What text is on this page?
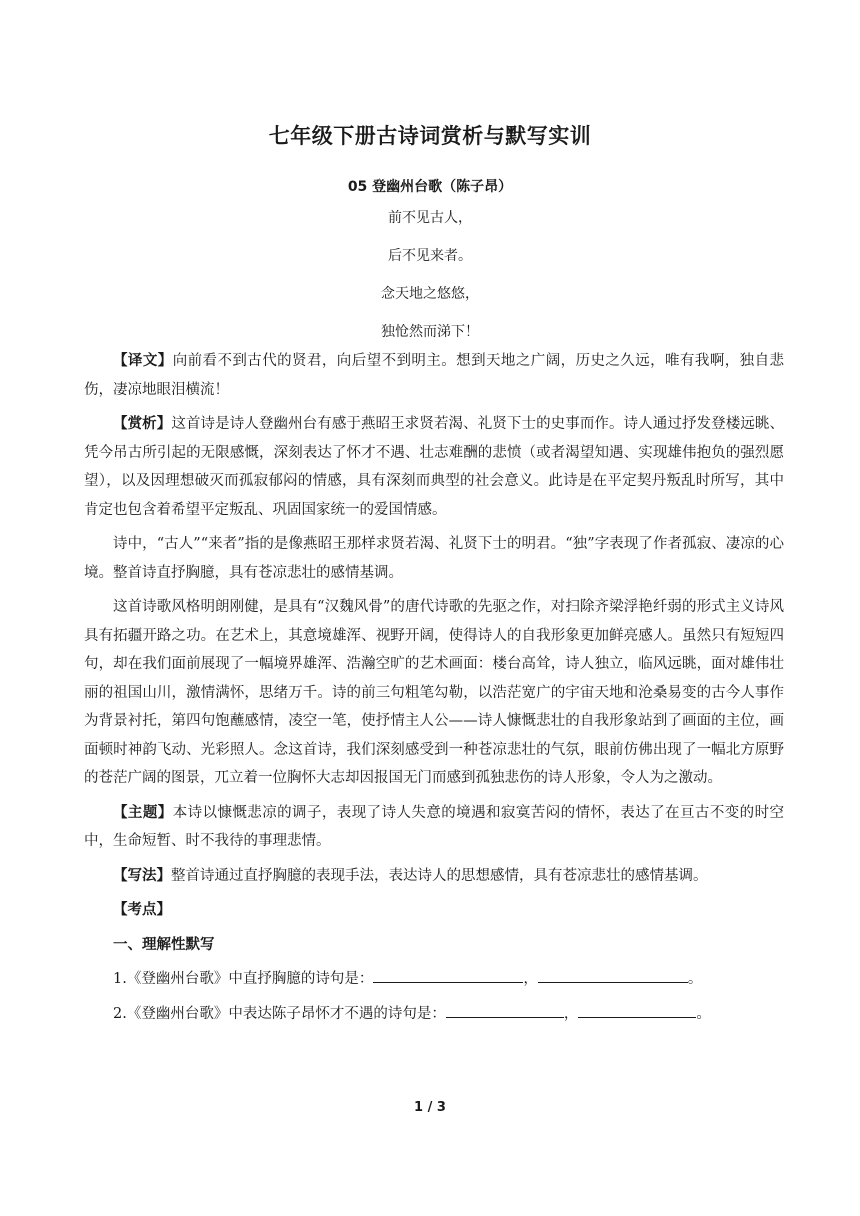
七年级下册古诗词赏析与默写实训
05 登幽州台歌（陈子昂）
前不见古人，
后不见来者。
念天地之悠悠，
独怆然而涕下！

【译文】向前看不到古代的贤君，向后望不到明主。想到天地之广阔，历史之久远，唯有我啊，独自悲伤，凄凉地眼泪横流！

【赏析】这首诗是诗人登幽州台有感于燕昭王求贤若渴、礼贤下士的史事而作。诗人通过抒发登楼远眺、凭今吊古所引起的无限感慨，深刻表达了怀才不遇、壮志难酬的悲愤（或者渴望知遇、实现雄伟抱负的强烈愿望），以及因理想破灭而孤寂郁闷的情感，具有深刻而典型的社会意义。此诗是在平定契丹叛乱时所写，其中肯定也包含着希望平定叛乱、巩固国家统一的爱国情感。

诗中，“古人”“来者”指的是像燕昭王那样求贤若渴、礼贤下士的明君。“独”字表现了作者孤寂、凄凉的心境。整首诗直抒胸臆，具有苍凉悲壮的感情基调。

这首诗歌风格明朗刚健，是具有“汉魏风骨”的唐代诗歌的先驱之作，对扫除齐梁浮艳纤弱的形式主义诗风具有拓疆开路之功。在艺术上，其意境雄浑、视野开阔，使得诗人的自我形象更加鲜亮感人。虽然只有短短四句，却在我们面前展现了一幅境界雄浑、浩瀚空旷的艺术画面：楼台高耸，诗人独立，临风远眺，面对雄伟壮丽的祖国山川，激情满怀，思绪万千。诗的前三句粗笔勾勒，以浩茫宽广的宇宙天地和沧桑易变的古今人事作为背景衬托，第四句饱蘸感情，凌空一笔，使抒情主人公——诗人慷慨悲壮的自我形象站到了画面的主位，画面顿时神韵飞动、光彩照人。念这首诗，我们深刻感受到一种苍凉悲壮的气氛，眼前仿佛出现了一幅北方原野的苍茫广阔的图景，兀立着一位胸怀大志却因报国无门而感到孤独悲伤的诗人形象，令人为之激动。

【主题】本诗以慷慨悲凉的调子，表现了诗人失意的境遇和寂寞苦闷的情怀，表达了在亘古不变的时空中，生命短暂、时不我待的事理悲情。

【写法】整首诗通过直抒胸臆的表现手法，表达诗人的思想感情，具有苍凉悲壮的感情基调。

【考点】

一、理解性默写

1.《登幽州台歌》中直抒胸臆的诗句是：	，	。

2.《登幽州台歌》中表达陈子昂怀才不遇的诗句是：	，	。

1 / 3
